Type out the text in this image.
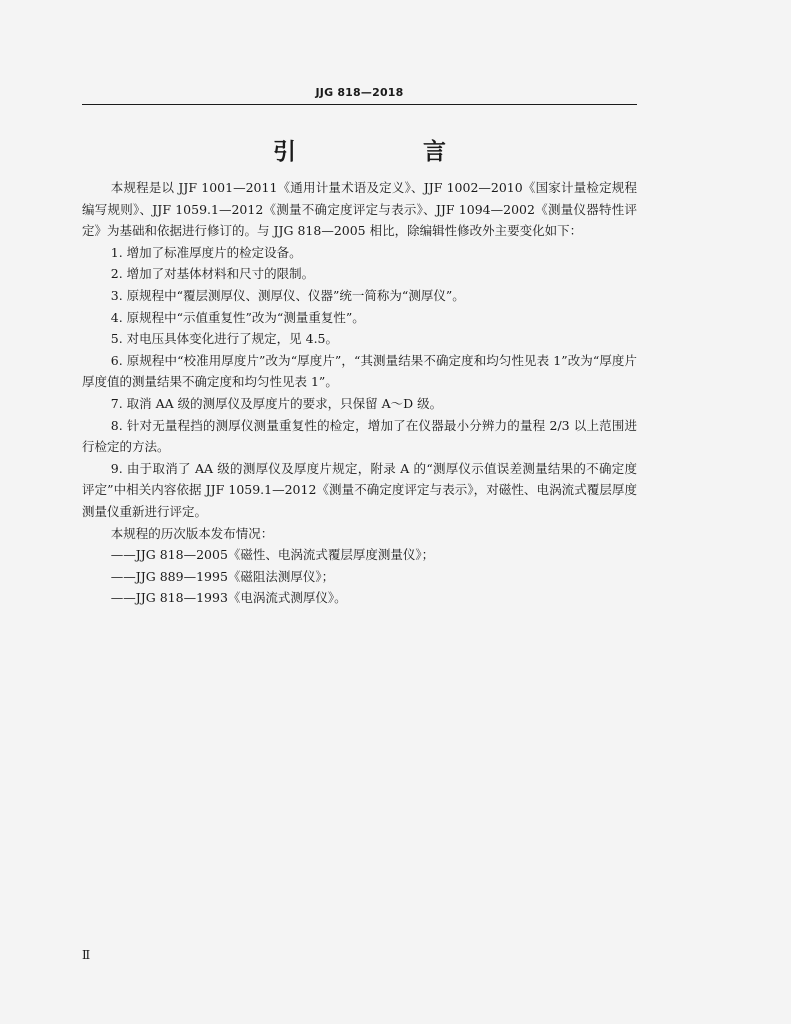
JJG 818—2018
引　言

本规程是以 JJF 1001—2011《通用计量术语及定义》、JJF 1002—2010《国家计量检定规程编写规则》、JJF 1059.1—2012《测量不确定度评定与表示》、JJF 1094—2002《测量仪器特性评定》为基础和依据进行修订的。与 JJG 818—2005 相比，除编辑性修改外主要变化如下：

1. 增加了标准厚度片的检定设备。

2. 增加了对基体材料和尺寸的限制。

3. 原规程中“覆层测厚仪、测厚仪、仪器”统一简称为“测厚仪”。

4. 原规程中“示值重复性”改为“测量重复性”。

5. 对电压具体变化进行了规定，见 4.5。

6. 原规程中“校准用厚度片”改为“厚度片”，“其测量结果不确定度和均匀性见表 1”改为“厚度片厚度值的测量结果不确定度和均匀性见表 1”。

7. 取消 AA 级的测厚仪及厚度片的要求，只保留 A～D 级。

8. 针对无量程挡的测厚仪测量重复性的检定，增加了在仪器最小分辨力的量程 2/3 以上范围进行检定的方法。

9. 由于取消了 AA 级的测厚仪及厚度片规定，附录 A 的“测厚仪示值误差测量结果的不确定度评定”中相关内容依据 JJF 1059.1—2012《测量不确定度评定与表示》，对磁性、电涡流式覆层厚度测量仪重新进行评定。

本规程的历次版本发布情况：

——JJG 818—2005《磁性、电涡流式覆层厚度测量仪》；

——JJG 889—1995《磁阻法测厚仪》；

——JJG 818—1993《电涡流式测厚仪》。

Ⅱ
